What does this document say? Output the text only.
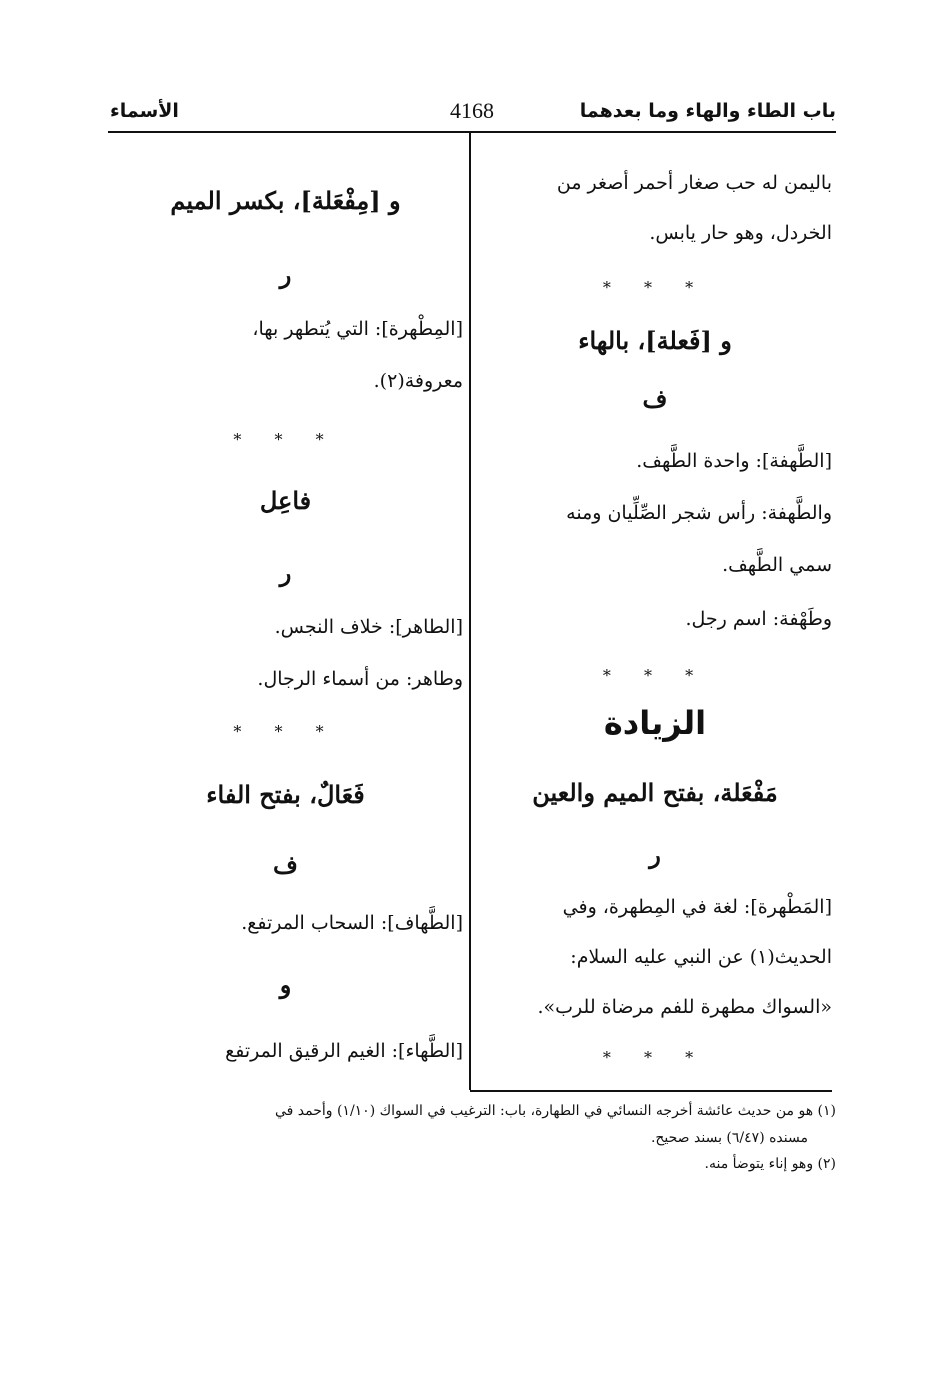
باب الطاء والهاء وما بعدهما
4168
الأسماء

باليمن له حب صغار أحمر أصغر من

الخردل، وهو حار يابس.

* * *

و [فَعلة]، بالهاء

ف

[الطَّهفة]: واحدة الطَّهف.

والطَّهفة: رأس شجر الصِّلِّيان ومنه

سمي الطَّهف.

وطَهْفة: اسم رجل.

* * *

الزيادة

مَفْعَلة، بفتح الميم والعين

ر

[المَطْهرة]: لغة في المِطهرة، وفي

الحديث(١) عن النبي عليه السلام:

«السواك مطهرة للفم مرضاة للرب».

* * *

و [مِفْعَلة]، بكسر الميم

ر

[المِطْهرة]: التي يُتطهر بها،

معروفة(٢).

* * *

فاعِل

ر

[الطاهر]: خلاف النجس.

وطاهر: من أسماء الرجال.

* * *

فَعَالٌ، بفتح الفاء

ف

[الطَّهاف]: السحاب المرتفع.

و

[الطَّهاء]: الغيم الرقيق المرتفع

(١) هو من حديث عائشة أخرجه النسائي في الطهارة، باب: الترغيب في السواك (١/١٠) وأحمد في

مسنده (٦/٤٧) بسند صحيح.

(٢) وهو إناء يتوضأ منه.
